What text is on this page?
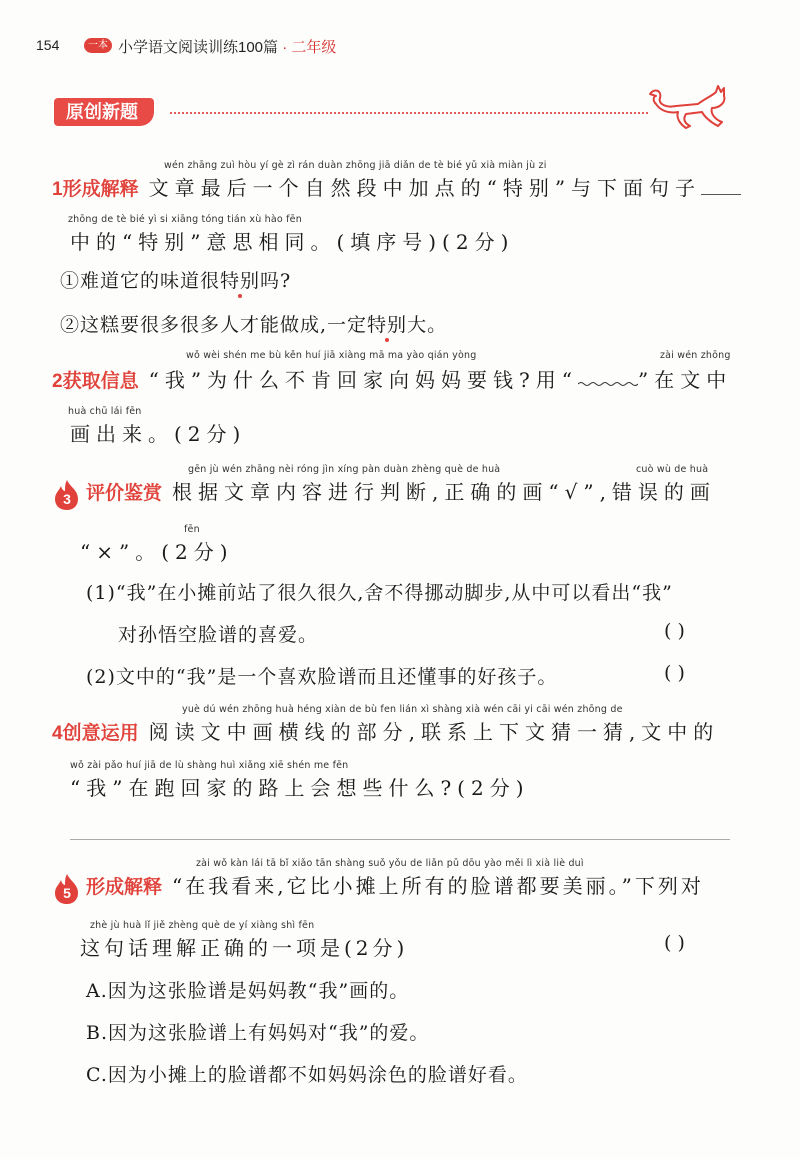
154	一本 小学语文阅读训练100篇 · 二年级
原创新题
wén zhāng zuì hòu yí gè zì rán duàn zhōng jiā diǎn de tè bié yǔ xià miàn jù zi
1形成解释 文章最后一个自然段中加点的“特别”与下面句子
zhōng de tè bié yì si xiāng tóng tián xù hào fēn
中的“特别”意思相同。(填序号)(2分)
①难道它的味道很特别吗?
②这糕要很多很多人才能做成,一定特别大。
wǒ wèi shén me bù kěn huí jiā xiàng mā ma yào qián yòng	zài wén zhōng
2获取信息 “我”为什么不肯回家向妈妈要钱?用“	”在文中
huà chū lái fēn
画出来。(2分)
gēn jù wén zhāng nèi róng jìn xíng pàn duàn zhèng què de huà	cuò wù de huà
3 评价鉴赏 根据文章内容进行判断,正确的画“√”,错误的画
fēn
“×”。(2分)
(1)“我”在小摊前站了很久很久,舍不得挪动脚步,从中可以看出“我”
对孙悟空脸谱的喜爱。	( )
(2)文中的“我”是一个喜欢脸谱而且还懂事的好孩子。	( )
yuè dú wén zhōng huà héng xiàn de bù fen lián xì shàng xià wén cāi yi cāi wén zhōng de
4创意运用 阅读文中画横线的部分,联系上下文猜一猜,文中的
wǒ zài pǎo huí jiā de lù shàng huì xiǎng xiē shén me fēn
“我”在跑回家的路上会想些什么?(2分)
zài wǒ kàn lái tā bǐ xiǎo tān shàng suǒ yǒu de liǎn pǔ dōu yào měi lì xià liè duì
5 形成解释 “在我看来,它比小摊上所有的脸谱都要美丽。”下列对
zhè jù huà lǐ jiě zhèng què de yí xiàng shì fēn
这句话理解正确的一项是(2分)	( )
A.因为这张脸谱是妈妈教“我”画的。
B.因为这张脸谱上有妈妈对“我”的爱。
C.因为小摊上的脸谱都不如妈妈涂色的脸谱好看。
